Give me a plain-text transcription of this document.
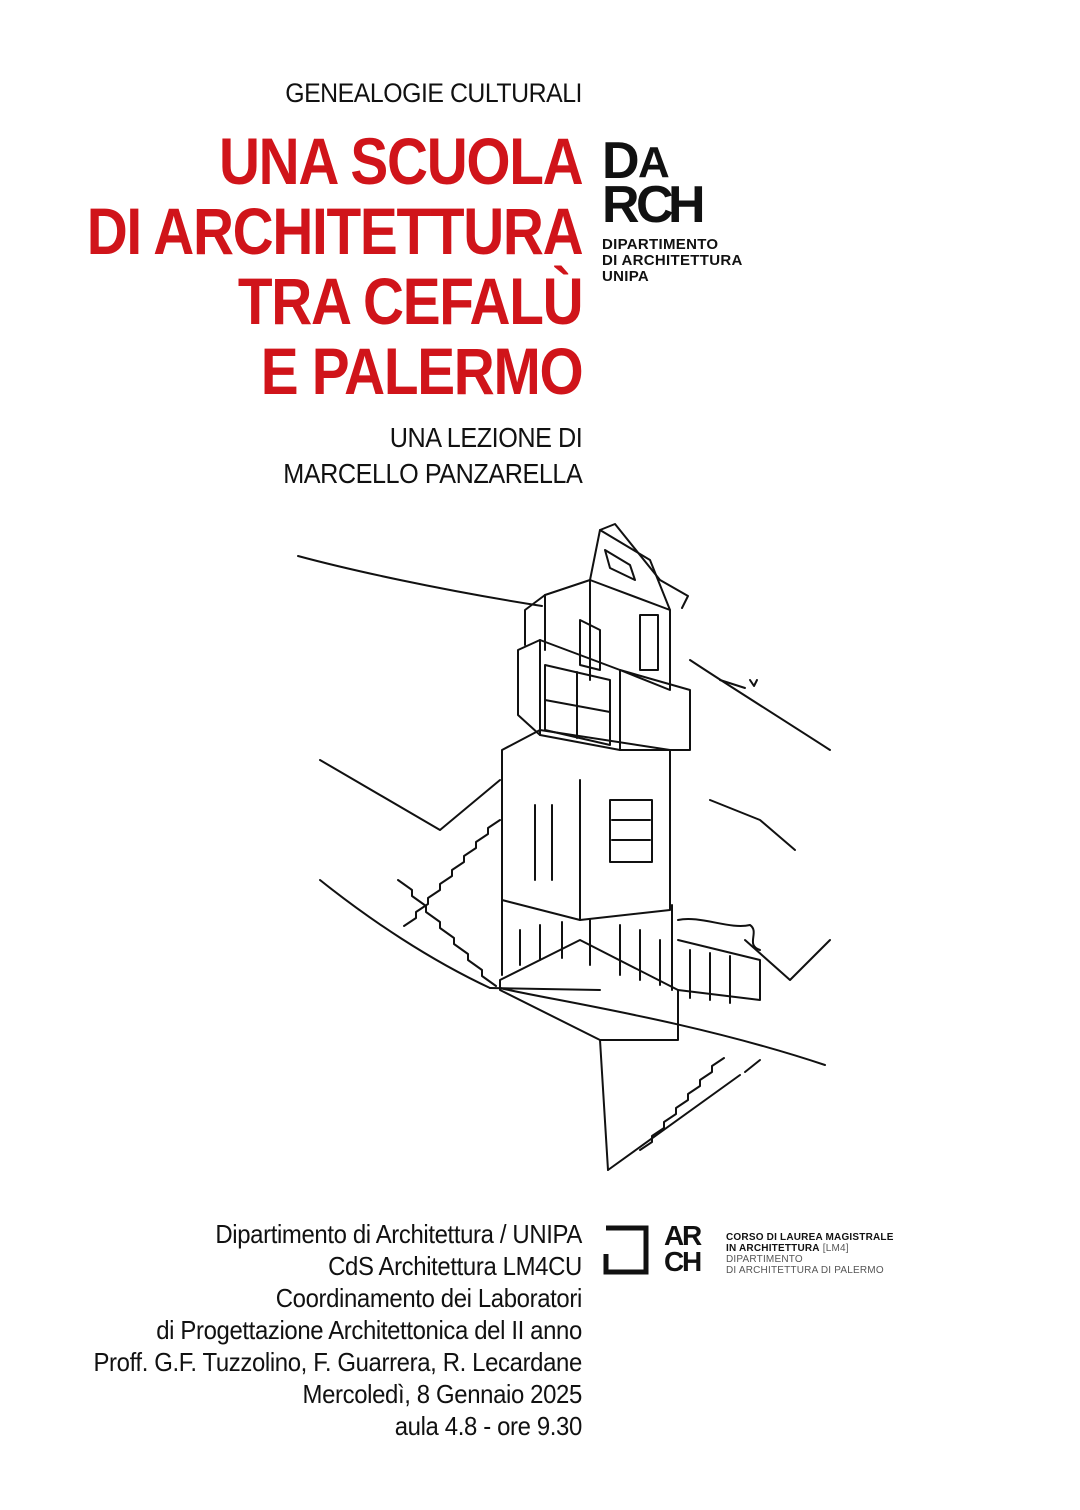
GENEALOGIE CULTURALI
UNA SCUOLA
DI ARCHITETTURA
TRA CEFALÙ
E PALERMO
UNA LEZIONE DI
MARCELLO PANZARELLA
D A
R C H
DIPARTIMENTO
DI ARCHITETTURA
UNIPA
Dipartimento di Architettura / UNIPA
CdS Architettura LM4CU
Coordinamento dei Laboratori
di Progettazione Architettonica del II anno
Proff. G.F. Tuzzolino, F. Guarrera, R. Lecardane
Mercoledì, 8 Gennaio 2025
aula 4.8 - ore 9.30
A R
C H
CORSO DI LAUREA MAGISTRALE
IN ARCHITETTURA [LM4]
DIPARTIMENTO
DI ARCHITETTURA DI PALERMO
